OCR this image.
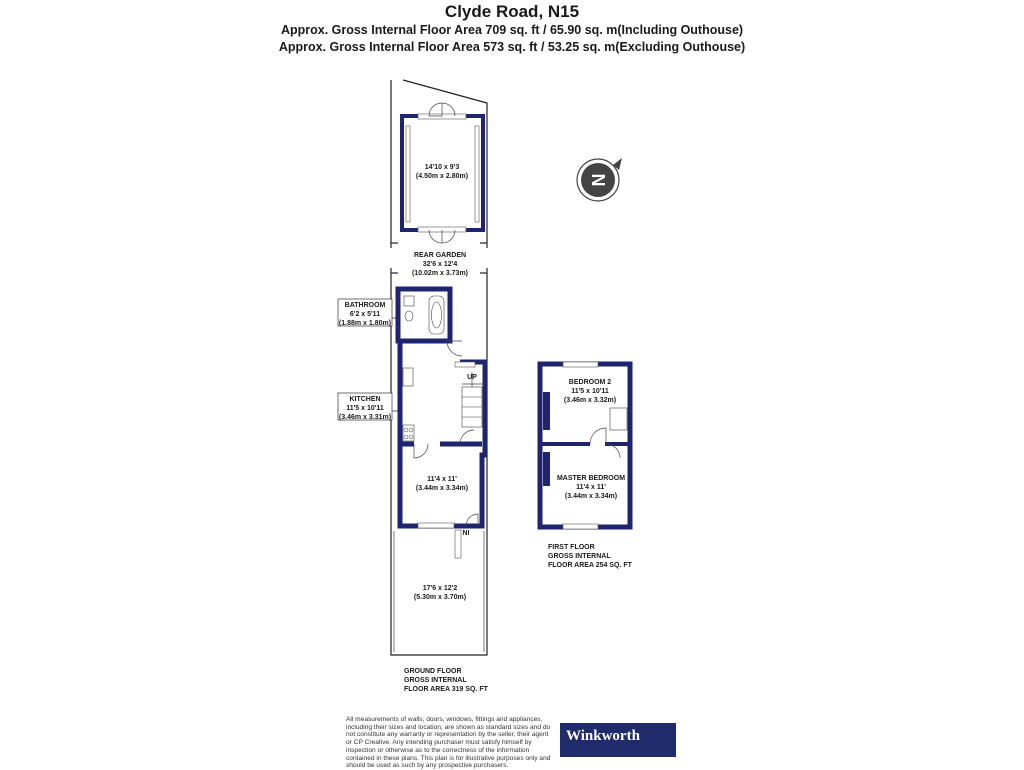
Clyde Road, N15
Approx. Gross Internal Floor Area 709 sq. ft / 65.90 sq. m(Including Outhouse)
Approx. Gross Internal Floor Area 573 sq. ft / 53.25 sq. m(Excluding Outhouse)
N
14'10 x 9'3
(4.50m x 2.80m)
REAR GARDEN
32'6 x 12'4
(10.02m x 3.73m)
BATHROOM
6'2 x 5'11
(1.88m x 1.80m)
KITCHEN
11'5 x 10'11
(3.46m x 3.31m)
11'4 x 11'
(3.44m x 3.34m)
17'6 x 12'2
(5.30m x 3.70m)
BEDROOM 2
11'5 x 10'11
(3.46m x 3.32m)
MASTER BEDROOM
11'4 x 11'
(3.44m x 3.34m)
UP
IN
GROUND FLOOR
GROSS INTERNAL
FLOOR AREA 319 SQ. FT
FIRST FLOOR
GROSS INTERNAL
FLOOR AREA 254 SQ. FT
All measurements of walls, doors, windows, fittings and appliances, including their sizes and location, are shown as standard sizes and do not constitute any warranty or representation by the seller, their agent or CP Creative. Any intending purchaser must satisfy himself by inspection or otherwise as to the correctness of the information contained in these plans. This plan is for illustrative purposes only and should be used as such by any prospective purchasers.
Winkworth
